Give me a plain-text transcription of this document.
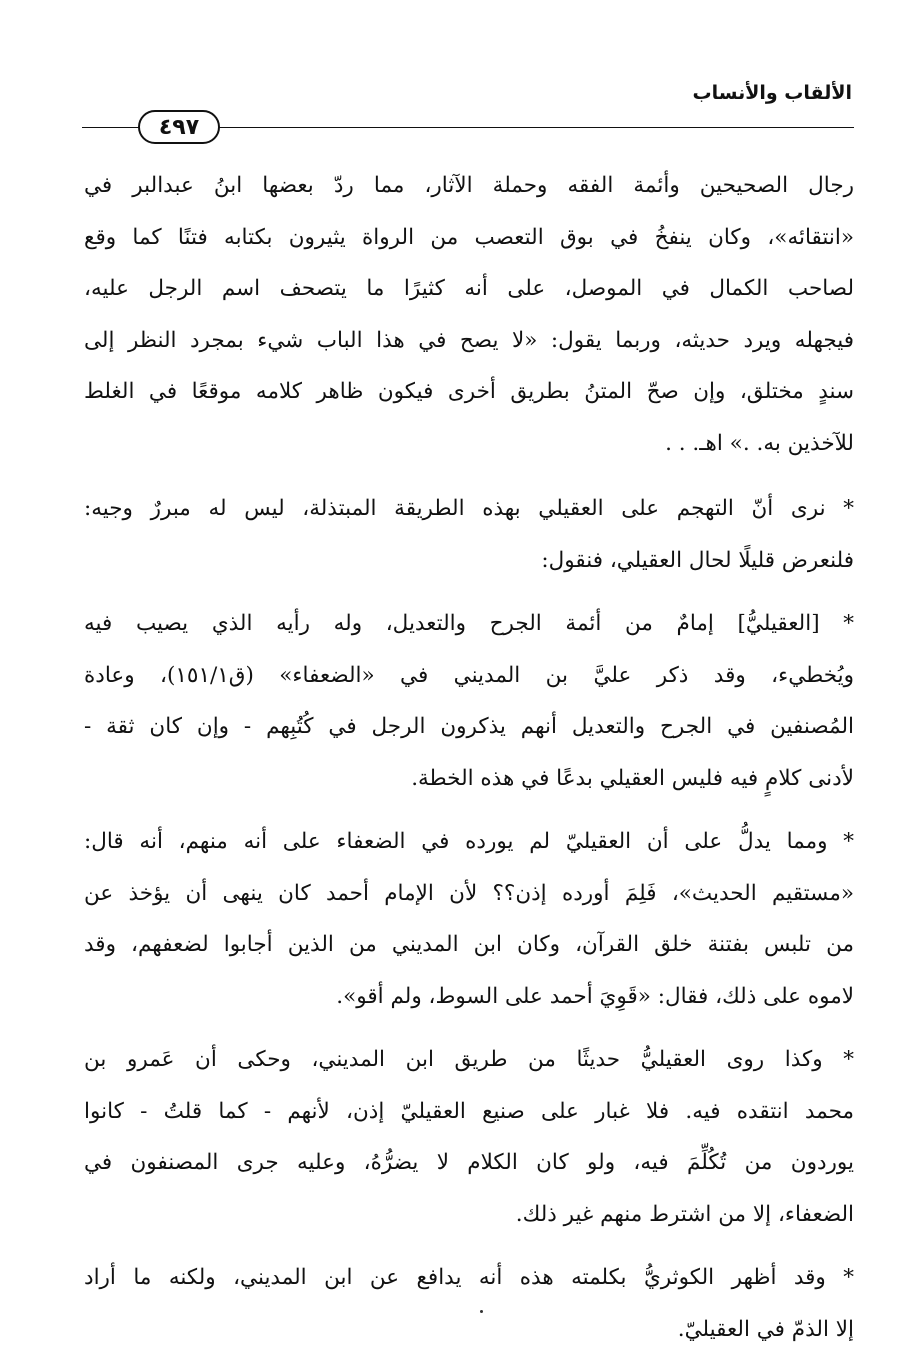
الألقاب والأنساب
٤٩٧

رجال الصحيحين وأئمة الفقه وحملة الآثار، مما ردّ بعضها ابنُ عبدالبر في
«انتقائه»، وكان ينفخُ في بوق التعصب من الرواة يثيرون بكتابه فتنًا كما وقع
لصاحب الكمال في الموصل، على أنه كثيرًا ما يتصحف اسم الرجل عليه،
فيجهله ويرد حديثه، وربما يقول: «لا يصح في هذا الباب شيء بمجرد النظر إلى
سندٍ مختلق، وإن صحّ المتنُ بطريق أخرى فيكون ظاهر كلامه موقعًا في الغلط
للآخذين به. .» اهـ. . .

* نرى أنّ التهجم على العقيلي بهذه الطريقة المبتذلة، ليس له مبررٌ وجيه:
فلنعرض قليلًا لحال العقيلي، فنقول:

* [العقيليُّ] إمامٌ من أئمة الجرح والتعديل، وله رأيه الذي يصيب فيه
ويُخطيء، وقد ذكر عليَّ بن المديني في «الضعفاء» (ق١٥١/١)، وعادة
المُصنفين في الجرح والتعديل أنهم يذكرون الرجل في كُتُبِهم - وإن كان ثقة -
لأدنى كلامٍ فيه فليس العقيلي بدعًا في هذه الخطة.

* ومما يدلُّ على أن العقيليّ لم يورده في الضعفاء على أنه منهم، أنه قال:
«مستقيم الحديث»، فَلِمَ أورده إذن؟؟ لأن الإمام أحمد كان ينهى أن يؤخذ عن
من تلبس بفتنة خلق القرآن، وكان ابن المديني من الذين أجابوا لضعفهم، وقد
لاموه على ذلك، فقال: «قَوِيَ أحمد على السوط، ولم أقو».

* وكذا روى العقيليُّ حديثًا من طريق ابن المديني، وحكى أن عَمرو بن
محمد انتقده فيه. فلا غبار على صنيع العقيليّ إذن، لأنهم - كما قلتُ - كانوا
يوردون من تُكُلِّمَ فيه، ولو كان الكلام لا يضرُّهُ، وعليه جرى المصنفون في
الضعفاء، إلا من اشترط منهم غير ذلك.

* وقد أظهر الكوثريُّ بكلمته هذه أنه يدافع عن ابن المديني، ولكنه ما أراد
إلا الذمّ في العقيليّ.
